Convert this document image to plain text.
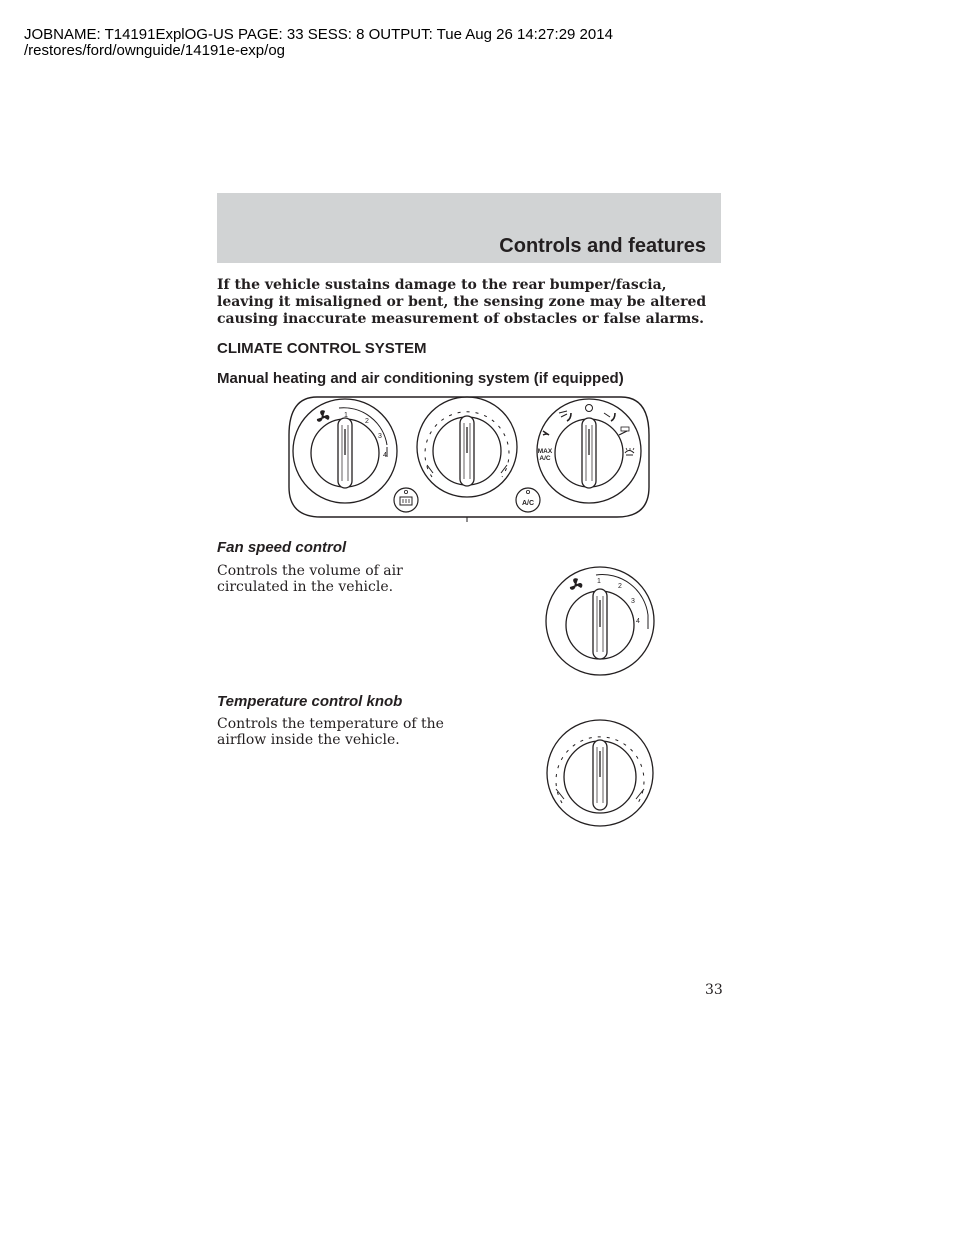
JOBNAME: T14191ExplOG-US PAGE: 33 SESS: 8 OUTPUT: Tue Aug 26 14:27:29 2014
/restores/ford/ownguide/14191e-exp/og
Controls and features
If the vehicle sustains damage to the rear bumper/fascia, leaving it misaligned or bent, the sensing zone may be altered causing inaccurate measurement of obstacles or false alarms.
CLIMATE CONTROL SYSTEM
Manual heating and air conditioning system (if equipped)
1
2
3
4
A/C
MAX
A/C
Fan speed control
Controls the volume of air circulated in the vehicle.	1
2
3
4
Temperature control knob
Controls the temperature of the airflow inside the vehicle.
33
